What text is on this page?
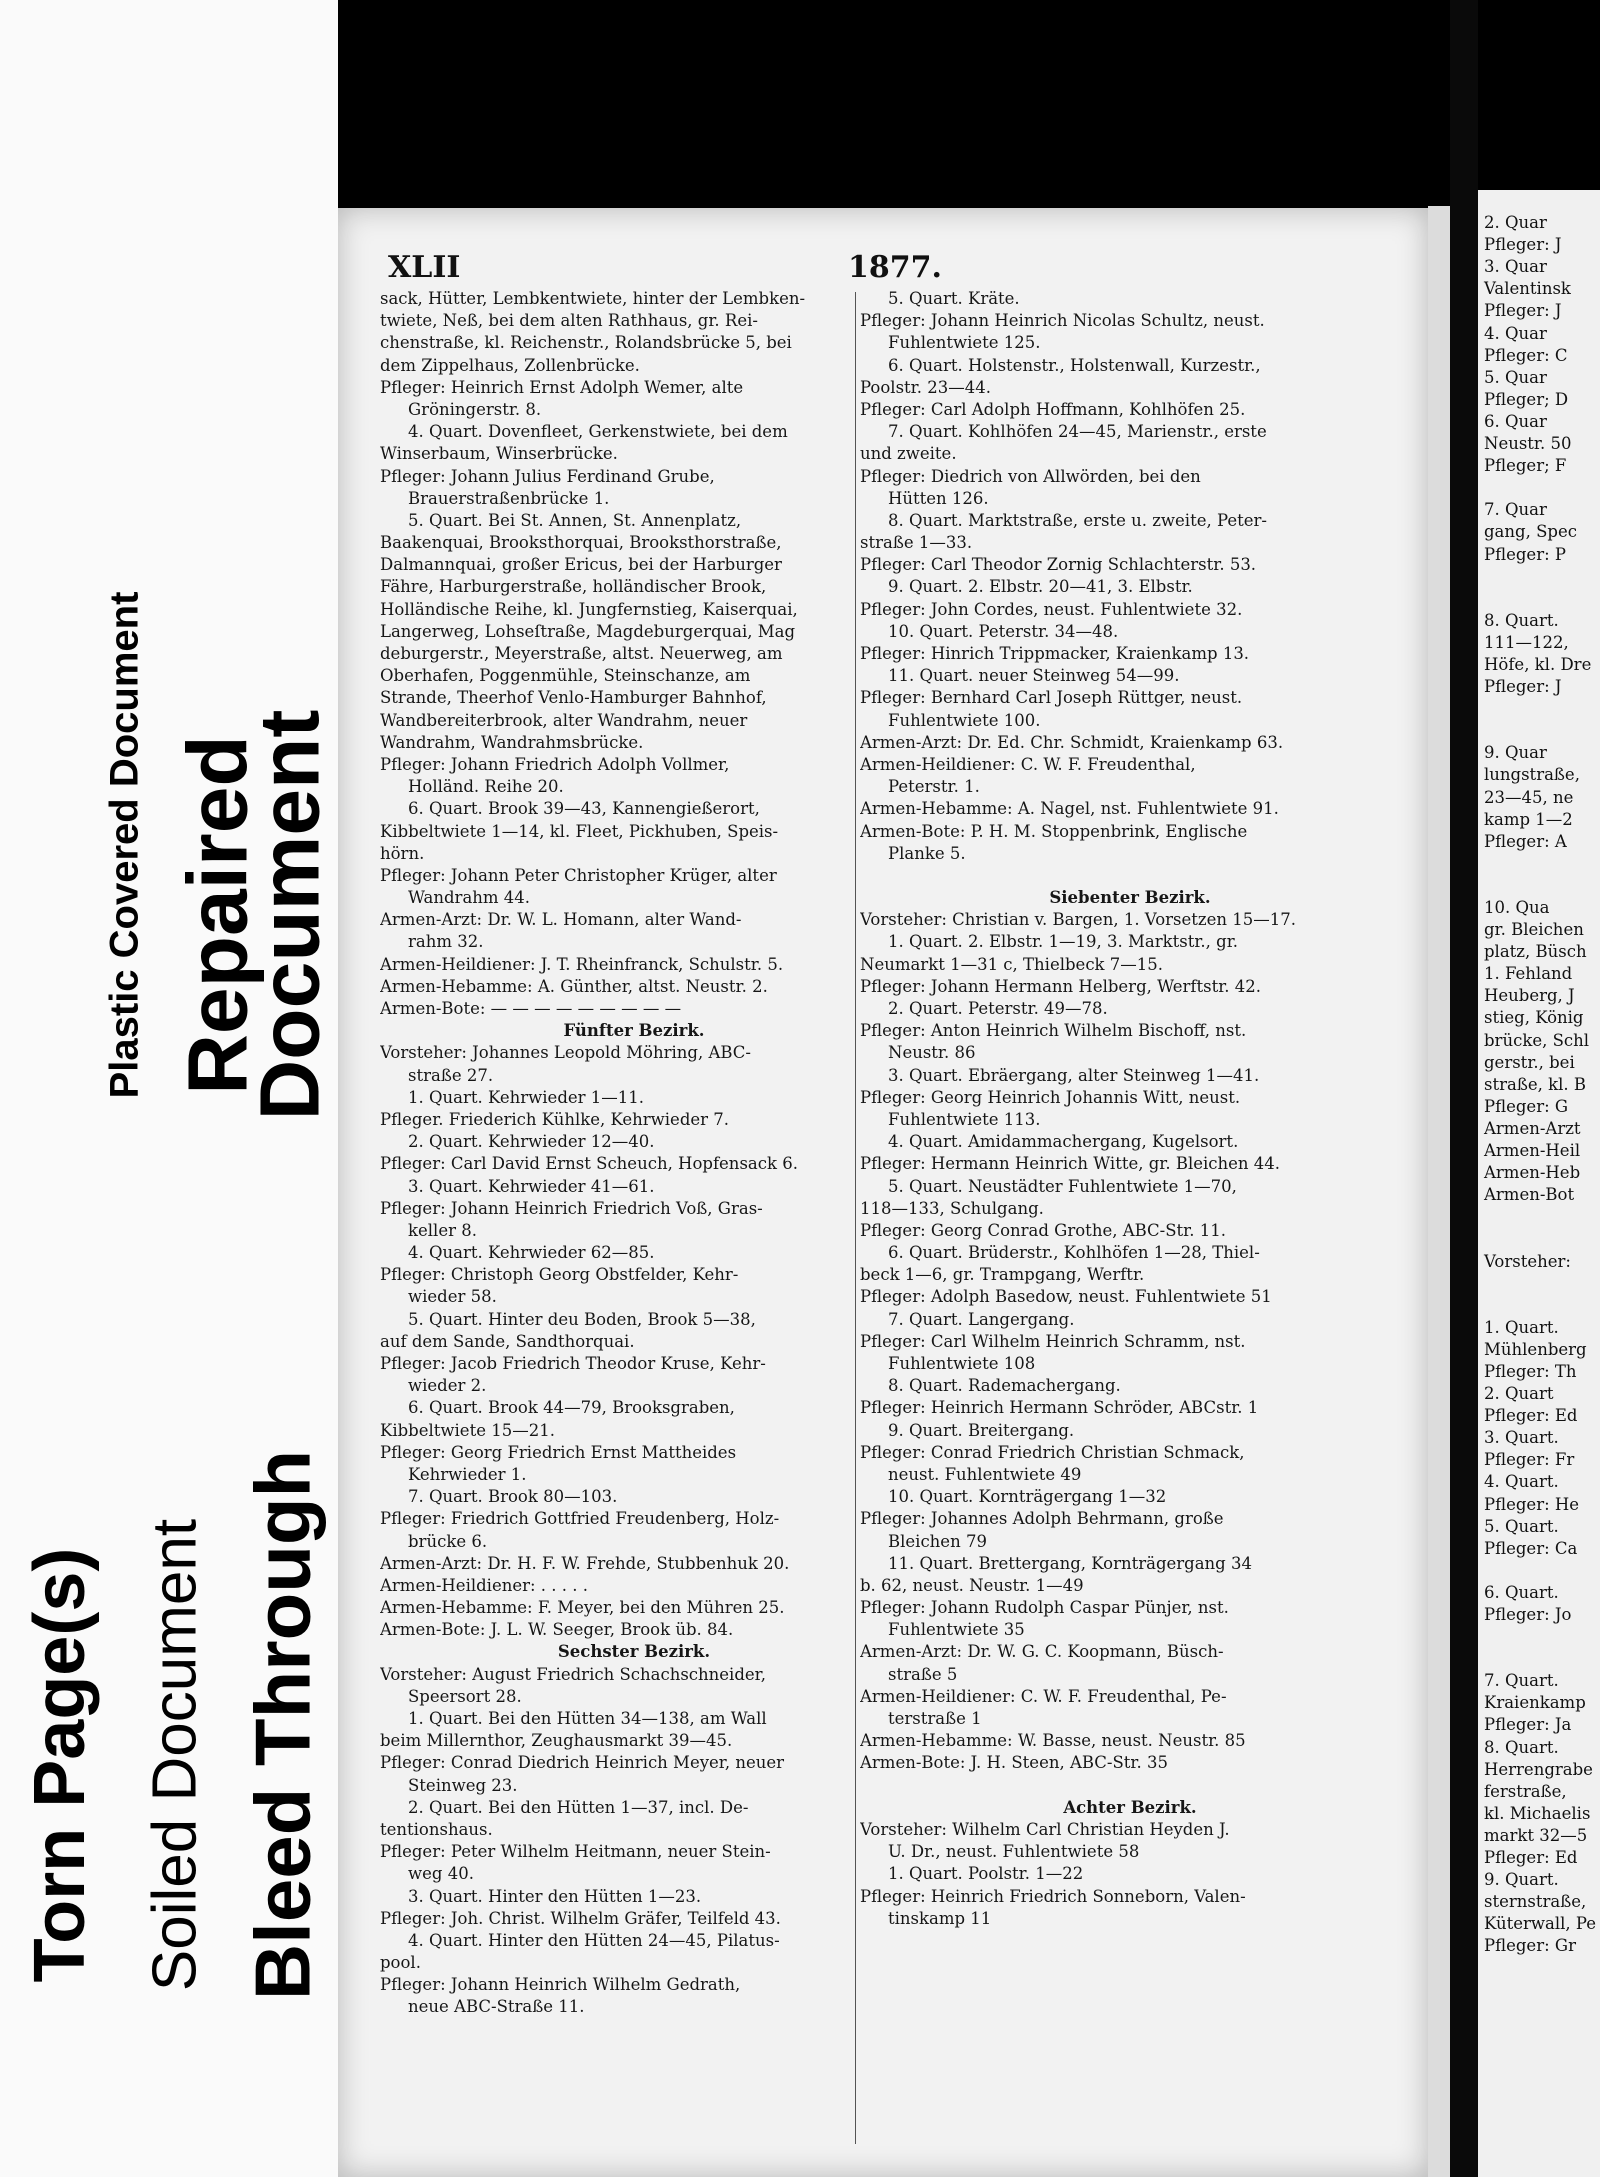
Plastic Covered Document Repaired
Document
Torn Page(s) Soiled Document Bleed Through
XLII	1877.
sack, Hütter, Lembkentwiete, hinter der Lembken-
twiete, Neß, bei dem alten Rathhaus, gr. Rei-
chenstraße, kl. Reichenstr., Rolandsbrücke 5, bei
dem Zippelhaus, Zollenbrücke.
Pfleger: Heinrich Ernst Adolph Wemer, alte
Gröningerstr. 8.
4. Quart. Dovenfleet, Gerkenstwiete, bei dem
Winserbaum, Winserbrücke.
Pfleger: Johann Julius Ferdinand Grube,
Brauerstraßenbrücke 1.
5. Quart. Bei St. Annen, St. Annenplatz,
Baakenquai, Brooksthorquai, Brooksthorstraße,
Dalmannquai, großer Ericus, bei der Harburger
Fähre, Harburgerstraße, holländischer Brook,
Holländische Reihe, kl. Jungfernstieg, Kaiserquai,
Langerweg, Lohseſtraße, Magdeburgerquai, Mag
deburgerstr., Meyerstraße, altst. Neuerweg, am
Oberhafen, Poggenmühle, Steinschanze, am
Strande, Theerhof Venlo-Hamburger Bahnhof,
Wandbereiterbrook, alter Wandrahm, neuer
Wandrahm, Wandrahmsbrücke.
Pfleger: Johann Friedrich Adolph Vollmer,
Holländ. Reihe 20.
6. Quart. Brook 39—43, Kannengießerort,
Kibbeltwiete 1—14, kl. Fleet, Pickhuben, Speis-
hörn.
Pfleger: Johann Peter Christopher Krüger, alter
Wandrahm 44.
Armen-Arzt: Dr. W. L. Homann, alter Wand-
rahm 32.
Armen-Heildiener: J. T. Rheinfranck, Schulstr. 5.
Armen-Hebamme: A. Günther, altst. Neustr. 2.
Armen-Bote: — — — — — — — — —
Fünfter Bezirk.
Vorsteher: Johannes Leopold Möhring, ABC-
straße 27.
1. Quart. Kehrwieder 1—11.
Pfleger. Friederich Kühlke, Kehrwieder 7.
2. Quart. Kehrwieder 12—40.
Pfleger: Carl David Ernst Scheuch, Hopfensack 6.
3. Quart. Kehrwieder 41—61.
Pfleger: Johann Heinrich Friedrich Voß, Gras-
keller 8.
4. Quart. Kehrwieder 62—85.
Pfleger: Christoph Georg Obstfelder, Kehr-
wieder 58.
5. Quart. Hinter deu Boden, Brook 5—38,
auf dem Sande, Sandthorquai.
Pfleger: Jacob Friedrich Theodor Kruse, Kehr-
wieder 2.
6. Quart. Brook 44—79, Brooksgraben,
Kibbeltwiete 15—21.
Pfleger: Georg Friedrich Ernst Mattheides
Kehrwieder 1.
7. Quart. Brook 80—103.
Pfleger: Friedrich Gottfried Freudenberg, Holz-
brücke 6.
Armen-Arzt: Dr. H. F. W. Frehde, Stubbenhuk 20.
Armen-Heildiener: . . . . .
Armen-Hebamme: F. Meyer, bei den Mühren 25.
Armen-Bote: J. L. W. Seeger, Brook üb. 84.
Sechster Bezirk.
Vorsteher: August Friedrich Schachschneider,
Speersort 28.
1. Quart. Bei den Hütten 34—138, am Wall
beim Millernthor, Zeughausmarkt 39—45.
Pfleger: Conrad Diedrich Heinrich Meyer, neuer
Steinweg 23.
2. Quart. Bei den Hütten 1—37, incl. De-
tentionshaus.
Pfleger: Peter Wilhelm Heitmann, neuer Stein-
weg 40.
3. Quart. Hinter den Hütten 1—23.
Pfleger: Joh. Christ. Wilhelm Gräfer, Teilfeld 43.
4. Quart. Hinter den Hütten 24—45, Pilatus-
pool.
Pfleger: Johann Heinrich Wilhelm Gedrath,
neue ABC-Straße 11.
5. Quart. Kräte.
Pfleger: Johann Heinrich Nicolas Schultz, neust.
Fuhlentwiete 125.
6. Quart. Holstenstr., Holstenwall, Kurzestr.,
Poolstr. 23—44.
Pfleger: Carl Adolph Hoffmann, Kohlhöfen 25.
7. Quart. Kohlhöfen 24—45, Marienstr., erste
und zweite.
Pfleger: Diedrich von Allwörden, bei den
Hütten 126.
8. Quart. Marktstraße, erste u. zweite, Peter-
straße 1—33.
Pfleger: Carl Theodor Zornig Schlachterstr. 53.
9. Quart. 2. Elbstr. 20—41, 3. Elbstr.
Pfleger: John Cordes, neust. Fuhlentwiete 32.
10. Quart. Peterstr. 34—48.
Pfleger: Hinrich Trippmacker, Kraienkamp 13.
11. Quart. neuer Steinweg 54—99.
Pfleger: Bernhard Carl Joseph Rüttger, neust.
Fuhlentwiete 100.
Armen-Arzt: Dr. Ed. Chr. Schmidt, Kraienkamp 63.
Armen-Heildiener: C. W. F. Freudenthal,
Peterstr. 1.
Armen-Hebamme: A. Nagel, nst. Fuhlentwiete 91.
Armen-Bote: P. H. M. Stoppenbrink, Englische
Planke 5.
Siebenter Bezirk.
Vorsteher: Christian v. Bargen, 1. Vorsetzen 15—17.
1. Quart. 2. Elbstr. 1—19, 3. Marktstr., gr.
Neumarkt 1—31 c, Thielbeck 7—15.
Pfleger: Johann Hermann Helberg, Werftstr. 42.
2. Quart. Peterstr. 49—78.
Pfleger: Anton Heinrich Wilhelm Bischoff, nst.
Neustr. 86
3. Quart. Ebräergang, alter Steinweg 1—41.
Pfleger: Georg Heinrich Johannis Witt, neust.
Fuhlentwiete 113.
4. Quart. Amidammachergang, Kugelsort.
Pfleger: Hermann Heinrich Witte, gr. Bleichen 44.
5. Quart. Neustädter Fuhlentwiete 1—70,
118—133, Schulgang.
Pfleger: Georg Conrad Grothe, ABC-Str. 11.
6. Quart. Brüderstr., Kohlhöfen 1—28, Thiel-
beck 1—6, gr. Trampgang, Werftr.
Pfleger: Adolph Basedow, neust. Fuhlentwiete 51
7. Quart. Langergang.
Pfleger: Carl Wilhelm Heinrich Schramm, nst.
Fuhlentwiete 108
8. Quart. Rademachergang.
Pfleger: Heinrich Hermann Schröder, ABCstr. 1
9. Quart. Breitergang.
Pfleger: Conrad Friedrich Christian Schmack,
neust. Fuhlentwiete 49
10. Quart. Kornträgergang 1—32
Pfleger: Johannes Adolph Behrmann, große
Bleichen 79
11. Quart. Brettergang, Kornträgergang 34
b. 62, neust. Neustr. 1—49
Pfleger: Johann Rudolph Caspar Pünjer, nst.
Fuhlentwiete 35
Armen-Arzt: Dr. W. G. C. Koopmann, Büsch-
straße 5
Armen-Heildiener: C. W. F. Freudenthal, Pe-
terstraße 1
Armen-Hebamme: W. Basse, neust. Neustr. 85
Armen-Bote: J. H. Steen, ABC-Str. 35
Achter Bezirk.
Vorsteher: Wilhelm Carl Christian Heyden J.
U. Dr., neust. Fuhlentwiete 58
1. Quart. Poolstr. 1—22
Pfleger: Heinrich Friedrich Sonneborn, Valen-
tinskamp 11
2. Quar
Pfleger: J
3. Quar
Valentinsk
Pfleger: J
4. Quar
Pfleger: C
5. Quar
Pfleger; D
6. Quar
Neustr. 50
Pfleger; F
7. Quar
gang, Spec
Pfleger: P
8. Quart.
111—122,
Höfe, kl. Dre
Pfleger: J
9. Quar
lungstraße,
23—45, ne
kamp 1—2
Pfleger: A
10. Qua
gr. Bleichen
platz, Büsch
1. Fehland
Heuberg, J
stieg, König
brücke, Schl
gerstr., bei
straße, kl. B
Pfleger: G
Armen-Arzt
Armen-Heil
Armen-Heb
Armen-Bot
Vorsteher:
1. Quart.
Mühlenberg
Pfleger: Th
2. Quart
Pfleger: Ed
3. Quart.
Pfleger: Fr
4. Quart.
Pfleger: He
5. Quart.
Pfleger: Ca
6. Quart.
Pfleger: Jo
7. Quart.
Kraienkamp
Pfleger: Ja
8. Quart.
Herrengrabe
ferstraße,
kl. Michaelis
markt 32—5
Pfleger: Ed
9. Quart.
sternstraße,
Küterwall, Pe
Pfleger: Gr
